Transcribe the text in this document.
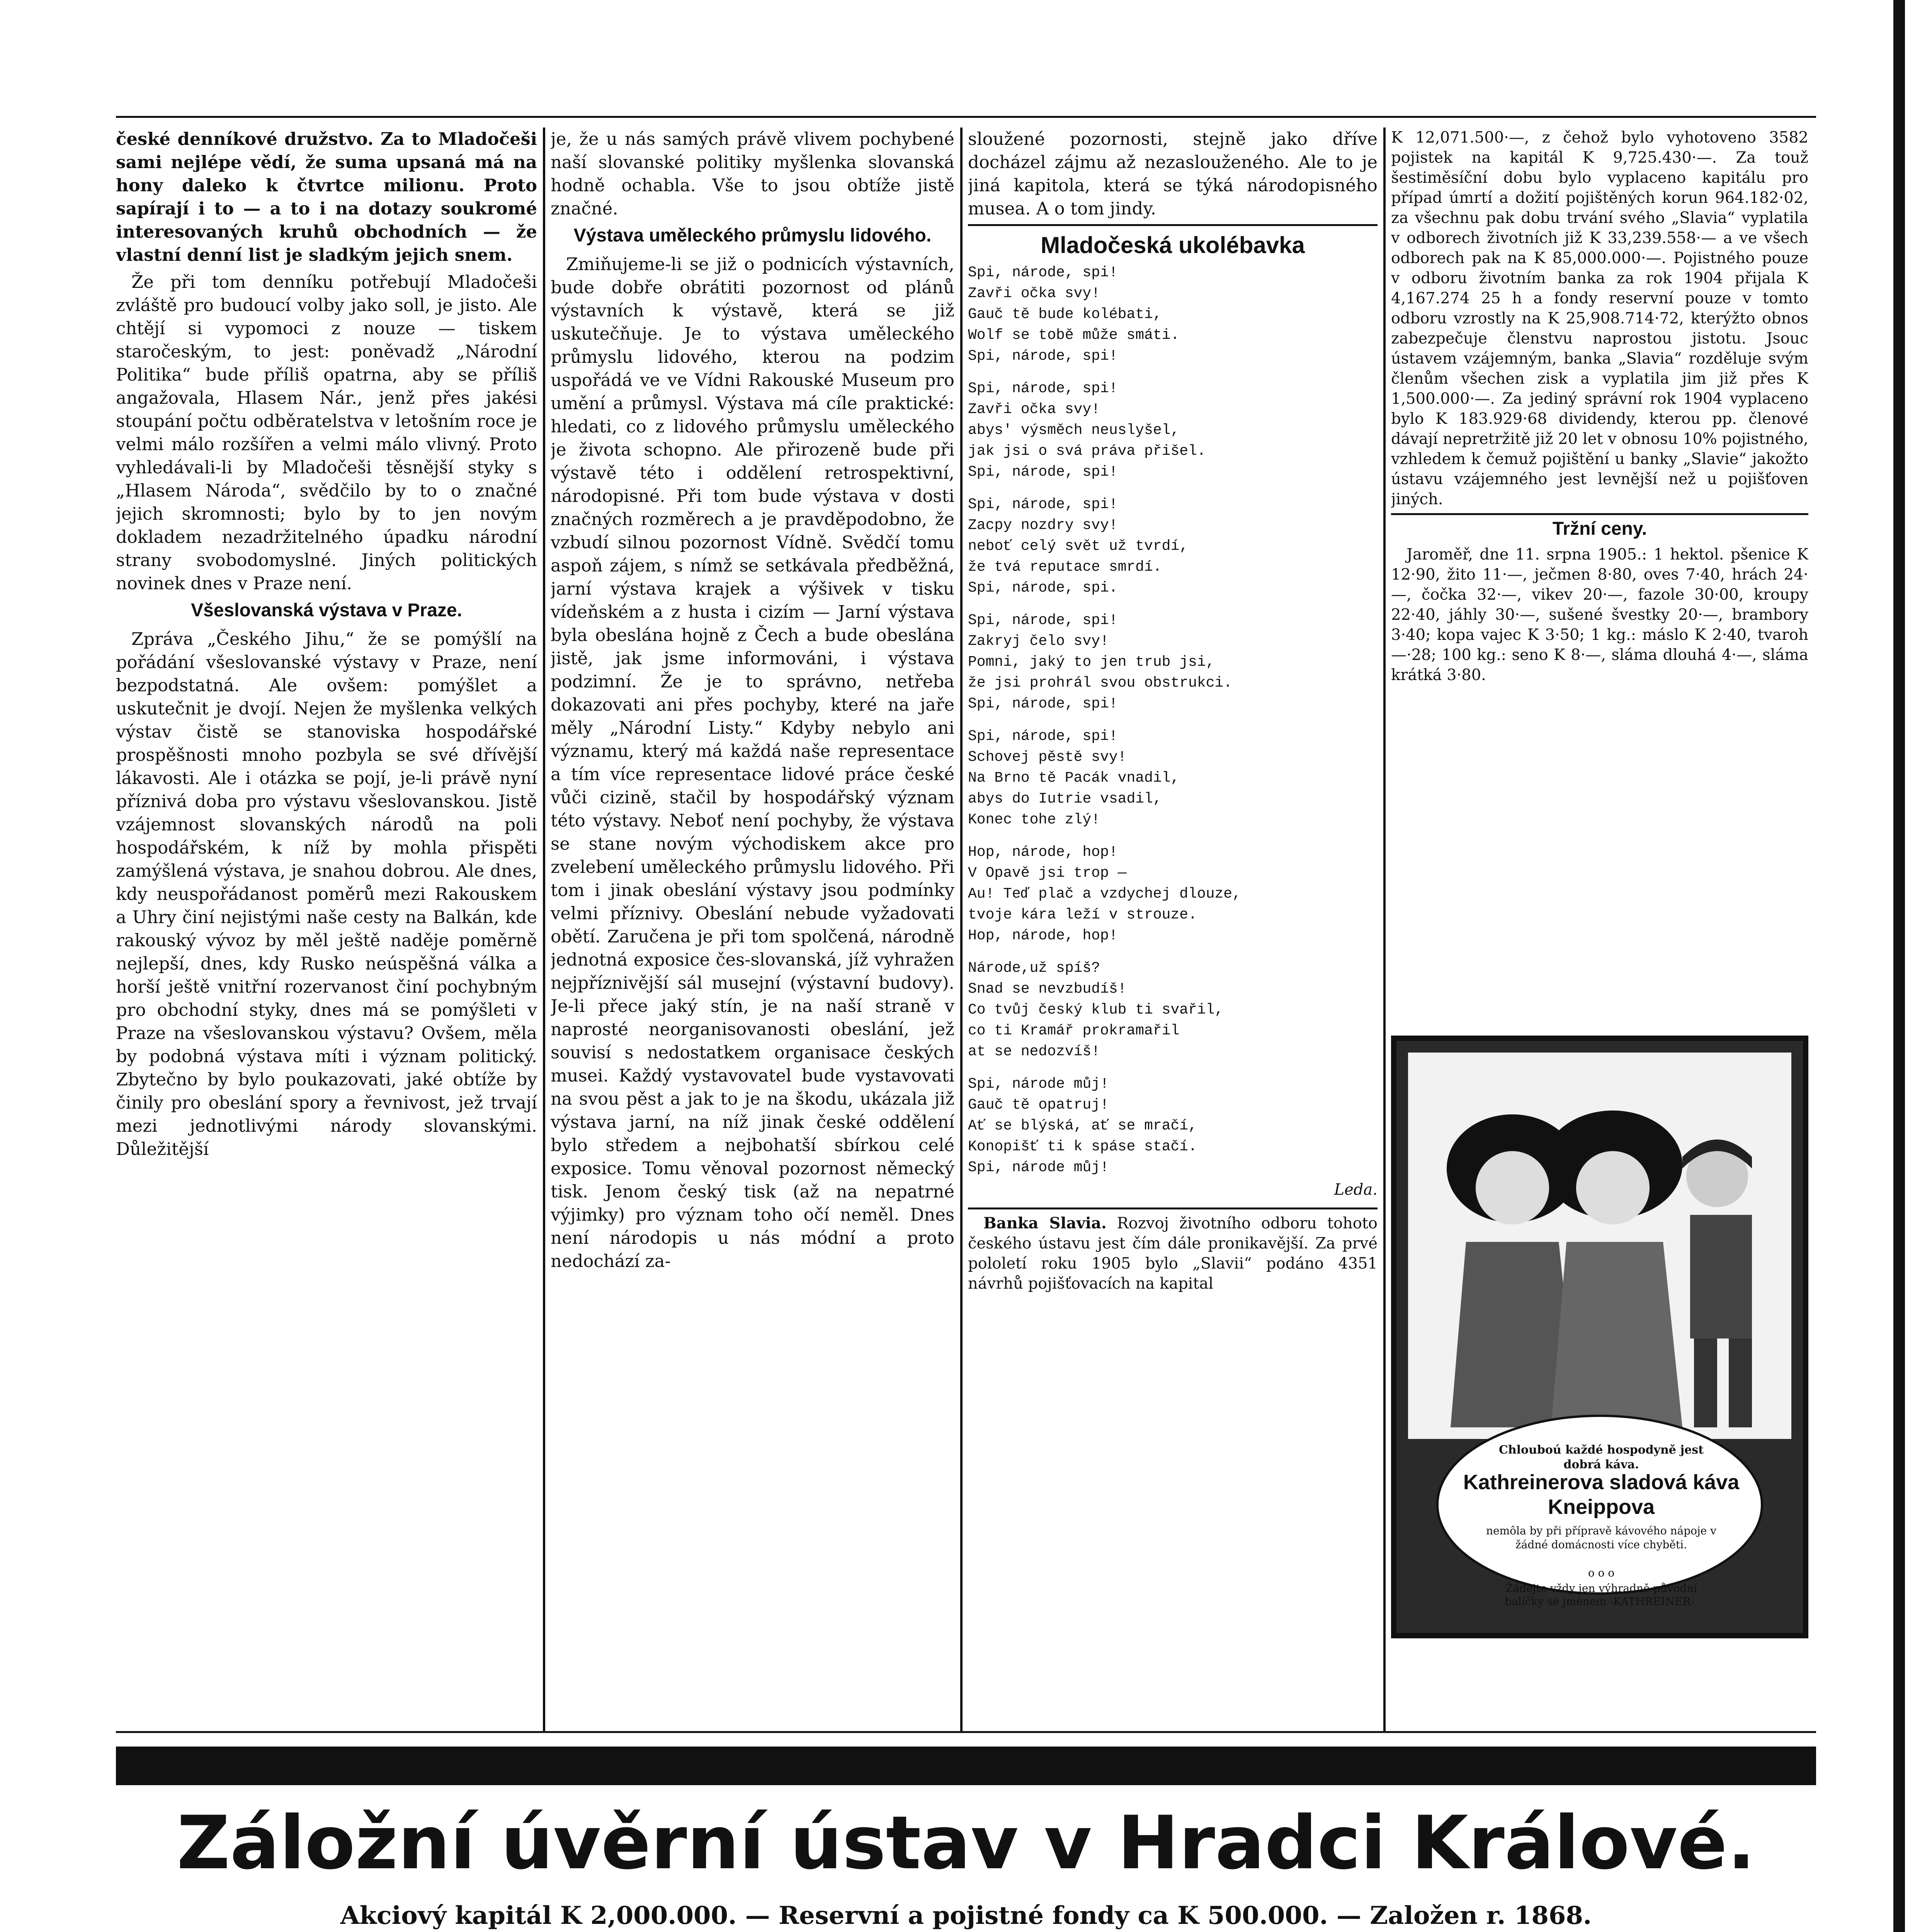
české denníkové družstvo. Za to Mladočeši sami nejlépe vědí, že suma upsaná má na hony daleko k čtvrtce milionu. Proto sapírají i to — a to i na dotazy soukromé interesovaných kruhů obchodních — že vlastní denní list je sladkým jejich snem.

Že při tom denníku potřebují Mladočeši zvláště pro budoucí volby jako soll, je jisto. Ale chtějí si vypomoci z nouze — tiskem staročeským, to jest: poněvadž „Národní Politika“ bude příliš opatrna, aby se příliš angažovala, Hlasem Nár., jenž přes jakési stoupání počtu odběratelstva v letošním roce je velmi málo rozšířen a velmi málo vlivný. Proto vyhledávali-li by Mladočeši těsnější styky s „Hlasem Národa“, svědčilo by to o značné jejich skromnosti; bylo by to jen novým dokladem nezadržitelného úpadku národní strany svobodomyslné. Jiných politických novinek dnes v Praze není.

Všeslovanská výstava v Praze.

Zpráva „Českého Jihu,“ že se pomýšlí na pořádání všeslovanské výstavy v Praze, není bezpodstatná. Ale ovšem: pomýšlet a uskutečnit je dvojí. Nejen že myšlenka velkých výstav čistě se stanoviska hospodářské prospěšnosti mnoho pozbyla se své dřívější lákavosti. Ale i otázka se pojí, je-li právě nyní příznivá doba pro výstavu všeslovanskou. Jistě vzájemnost slovanských národů na poli hospodářském, k níž by mohla přispěti zamýšlená výstava, je snahou dobrou. Ale dnes, kdy neuspořádanost poměrů mezi Rakouskem a Uhry činí nejistými naše cesty na Balkán, kde rakouský vývoz by měl ještě naděje poměrně nejlepší, dnes, kdy Rusko neúspěšná válka a horší ještě vnitřní rozervanost činí pochybným pro obchodní styky, dnes má se pomýšleti v Praze na všeslovanskou výstavu? Ovšem, měla by podobná výstava míti i význam politický. Zbytečno by bylo poukazovati, jaké obtíže by činily pro obeslání spory a řevnivost, jež trvají mezi jednotlivými národy slovanskými. Důležitější

je, že u nás samých právě vlivem pochybené naší slovanské politiky myšlenka slovanská hodně ochabla. Vše to jsou obtíže jistě značné.

Výstava uměleckého průmyslu lidového.

Zmiňujeme-li se již o podnicích výstavních, bude dobře obrátiti pozornost od plánů výstavních k výstavě, která se již uskutečňuje. Je to výstava uměleckého průmyslu lidového, kterou na podzim uspořádá ve ve Vídni Rakouské Museum pro umění a průmysl. Výstava má cíle praktické: hledati, co z lidového průmyslu uměleckého je života schopno. Ale přirozeně bude při výstavě této i oddělení retrospektivní, národopisné. Při tom bude výstava v dosti značných rozměrech a je pravděpodobno, že vzbudí silnou pozornost Vídně. Svědčí tomu aspoň zájem, s nímž se setkávala předběžná, jarní výstava krajek a výšivek v tisku vídeňském a z husta i cizím — Jarní výstava byla obeslána hojně z Čech a bude obeslána jistě, jak jsme informováni, i výstava podzimní. Že je to správno, netřeba dokazovati ani přes pochyby, které na jaře měly „Národní Listy.“ Kdyby nebylo ani významu, který má každá naše representace a tím více representace lidové práce české vůči cizině, stačil by hospodářský význam této výstavy. Neboť není pochyby, že výstava se stane novým východiskem akce pro zvelebení uměleckého průmyslu lidového. Při tom i jinak obeslání výstavy jsou podmínky velmi příznivy. Obeslání nebude vyžadovati obětí. Zaručena je při tom spolčená, národně jednotná exposice čes-slovanská, jíž vyhražen nejpříznivější sál musejní (výstavní budovy). Je-li přece jaký stín, je na naší straně v naprosté neorganisovanosti obeslání, jež souvisí s nedostatkem organisace českých musei. Každý vystavovatel bude vystavovati na svou pěst a jak to je na škodu, ukázala již výstava jarní, na níž jinak české oddělení bylo středem a nejbohatší sbírkou celé exposice. Tomu věnoval pozornost německý tisk. Jenom český tisk (až na nepatrné výjimky) pro význam toho očí neměl. Dnes není národopis u nás módní a proto nedochází za-

sloužené pozornosti, stejně jako dříve docházel zájmu až nezaslouženého. Ale to je jiná kapitola, která se týká národopisného musea. A o tom jindy.

Mladočeská ukolébavka
Spi, národe, spi!
Zavři očka svy!
Gauč tě bude kolébati,
Wolf se tobě může smáti.
Spi, národe, spi!
Spi, národe, spi!
Zavři očka svy!
abys' výsměch neuslyšel,
jak jsi o svá práva přišel.
Spi, národe, spi!
Spi, národe, spi!
Zacpy nozdry svy!
neboť celý svět už tvrdí,
že tvá reputace smrdí.
Spi, národe, spi.
Spi, národe, spi!
Zakryj čelo svy!
Pomni, jaký to jen trub jsi,
že jsi prohrál svou obstrukci.
Spi, národe, spi!
Spi, národe, spi!
Schovej pěstě svy!
Na Brno tě Pacák vnadil,
abys do Iutrie vsadil,
Konec tohe zlý!
Hop, národe, hop!
V Opavě jsi trop —
Au! Teď plač a vzdychej dlouze,
tvoje kára leží v strouze.
Hop, národe, hop!
Národe,už spíš?
Snad se nevzbudíš!
Co tvůj český klub ti svařil,
co ti Kramář prokramařil
at se nedozvíš!
Spi, národe můj!
Gauč tě opatruj!
Ať se blýská, ať se mračí,
Konopišť ti k spáse stačí.
Spi, národe můj!
Leda.

Banka Slavia. Rozvoj životního odboru tohoto českého ústavu jest čím dále pronikavější. Za prvé pololetí roku 1905 bylo „Slavii“ podáno 4351 návrhů pojišťovacích na kapital

K 12,071.500·—, z čehož bylo vyhotoveno 3582 pojistek na kapitál K 9,725.430·—. Za touž šestiměsíční dobu bylo vyplaceno kapitálu pro případ úmrtí a dožití pojištěných korun 964.182·02, za všechnu pak dobu trvání svého „Slavia“ vyplatila v odborech životních již K 33,239.558·— a ve všech odborech pak na K 85,000.000·—. Pojistného pouze v odboru životním banka za rok 1904 přijala K 4,167.274 25 h a fondy reservní pouze v tomto odboru vzrostly na K 25,908.714·72, kterýžto obnos zabezpečuje členstvu naprostou jistotu. Jsouc ústavem vzájemným, banka „Slavia“ rozděluje svým členům všechen zisk a vyplatila jim již přes K 1,500.000·—. Za jediný správní rok 1904 vyplaceno bylo K 183.929·68 dividendy, kterou pp. členové dávají nepretržitě již 20 let v obnosu 10% pojistného, vzhledem k čemuž pojištění u banky „Slavie“ jakožto ústavu vzájemného jest levnější než u pojišťoven jiných.

Tržní ceny.

Jaroměř, dne 11. srpna 1905.: 1 hektol. pšenice K 12·90, žito 11·—, ječmen 8·80, oves 7·40, hrách 24·—, čočka 32·—, vikev 20·—, fazole 30·00, kroupy 22·40, jáhly 30·—, sušené švestky 20·—, brambory 3·40; kopa vajec K 3·50; 1 kg.: máslo K 2·40, tvaroh —·28; 100 kg.: seno K 8·—, sláma dlouhá 4·—, sláma krátká 3·80.

Chlouboú každé hospodyně jest dobrá káva.
Kathreinerova sladová káva Kneippova
nemôla by při přípravě kávového nápoje v žádné domácnosti více chyběti.
o o o
Žádejte vždy jen výhradně původní balíčky se jménem -KATHREINER-.
Záložní úvěrní ústav v Hradci Králové.
Akciový kapitál K 2,000.000. — Reservní a pojistné fondy ca K 500.000. — Založen r. 1868.
